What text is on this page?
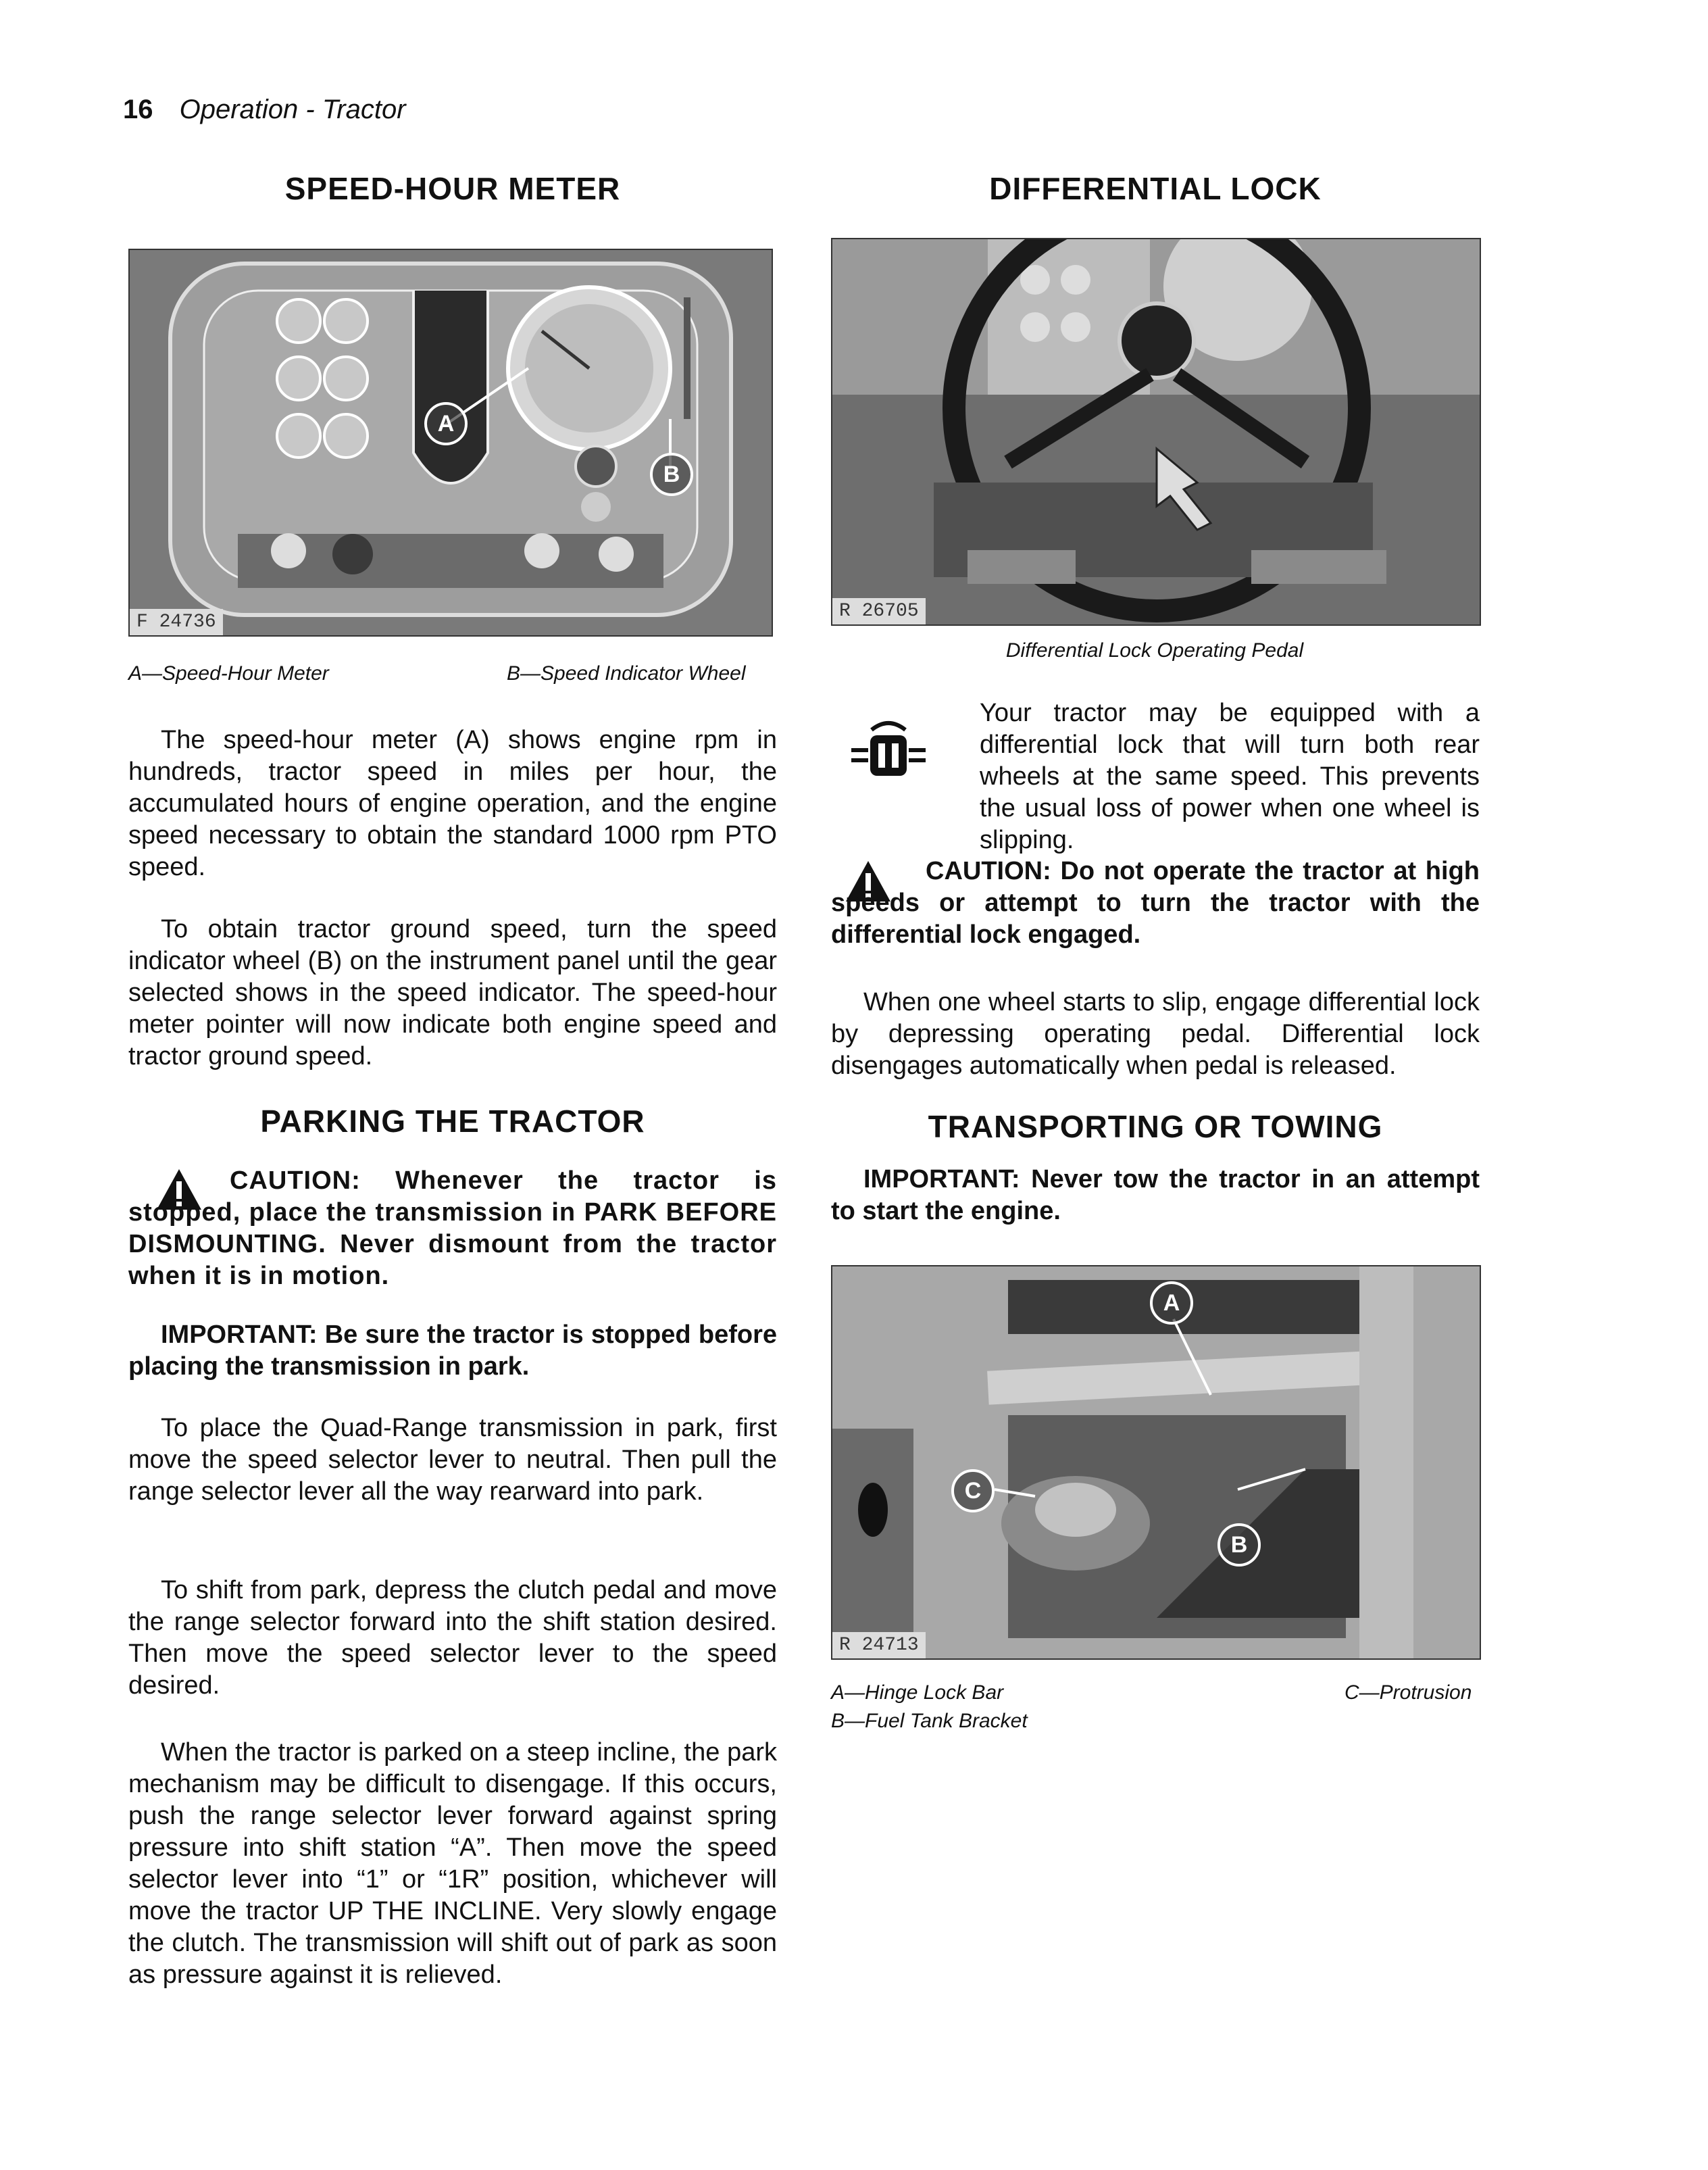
16 Operation - Tractor
SPEED-HOUR METER
A
B
F 24736
A—Speed-Hour Meter	B—Speed Indicator Wheel

The speed-hour meter (A) shows engine rpm in hundreds, tractor speed in miles per hour, the accumulated hours of engine operation, and the engine speed necessary to obtain the standard 1000 rpm PTO speed.

To obtain tractor ground speed, turn the speed indicator wheel (B) on the instrument panel until the gear selected shows in the speed indicator. The speed-hour meter pointer will now indicate both engine speed and tractor ground speed.

PARKING THE TRACTOR

CAUTION: Whenever the tractor is stopped, place the transmission in PARK BEFORE DISMOUNTING. Never dismount from the tractor when it is in motion.

IMPORTANT: Be sure the tractor is stopped before placing the transmission in park.

To place the Quad-Range transmission in park, first move the speed selector lever to neutral. Then pull the range selector lever all the way rearward into park.

To shift from park, depress the clutch pedal and move the range selector forward into the shift station desired. Then move the speed selector lever to the speed desired.

When the tractor is parked on a steep incline, the park mechanism may be difficult to disengage. If this occurs, push the range selector lever forward against spring pressure into shift station “A”. Then move the speed selector lever into “1” or “1R” position, whichever will move the tractor UP THE INCLINE. Very slowly engage the clutch. The transmission will shift out of park as soon as pressure against it is relieved.

DIFFERENTIAL LOCK
R 26705
Differential Lock Operating Pedal

Your tractor may be equipped with a differential lock that will turn both rear wheels at the same speed. This prevents the usual loss of power when one wheel is slipping.

CAUTION: Do not operate the tractor at high speeds or attempt to turn the tractor with the differential lock engaged.

When one wheel starts to slip, engage differential lock by depressing operating pedal. Differential lock disengages automatically when pedal is released.

TRANSPORTING OR TOWING

IMPORTANT: Never tow the tractor in an attempt to start the engine.

A
B
C
R 24713
A—Hinge Lock Bar
B—Fuel Tank Bracket
C—Protrusion
